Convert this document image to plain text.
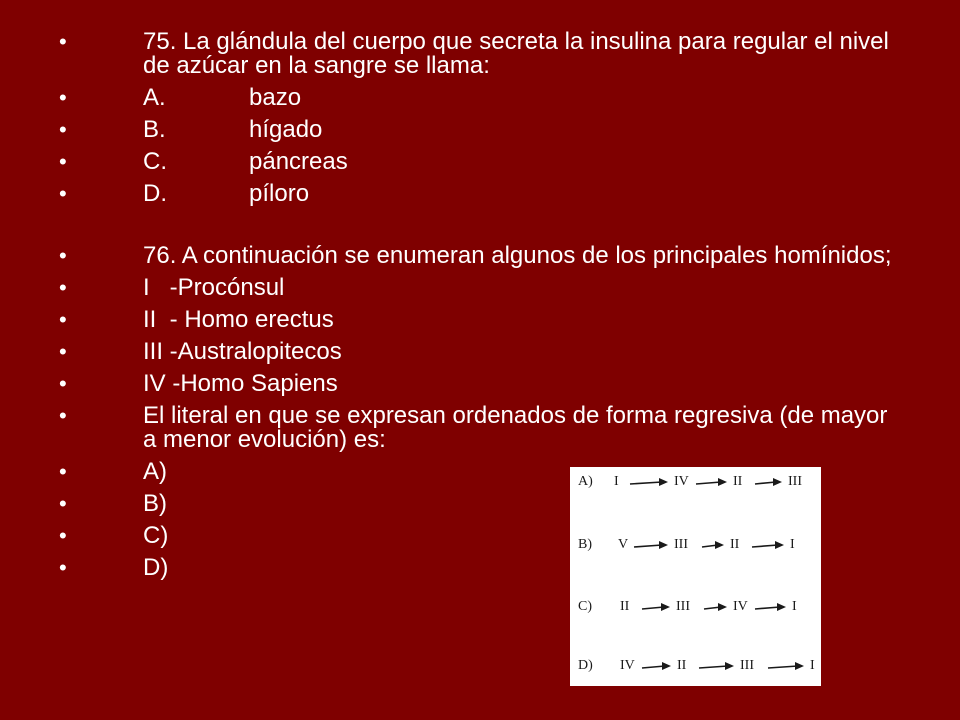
•	75. La glándula del cuerpo que secreta la insulina para regular el nivel de azúcar en la sangre se llama:
•	A.	bazo
•	B.	hígado
•	C.	páncreas
•	D.	píloro
•	76. A continuación se enumeran algunos de los principales homínidos;
•	I   -Procónsul
•	II  - Homo erectus
•	III -Australopitecos
•	IV -Homo Sapiens
•	El literal en que se expresan ordenados de forma regresiva (de mayor a menor evolución) es:
•	A)
•	B)
•	C)
•	D)
A) I	IV	II	III
B) V	III	II	I
C) II	III	IV	I
D) IV	II	III	I
